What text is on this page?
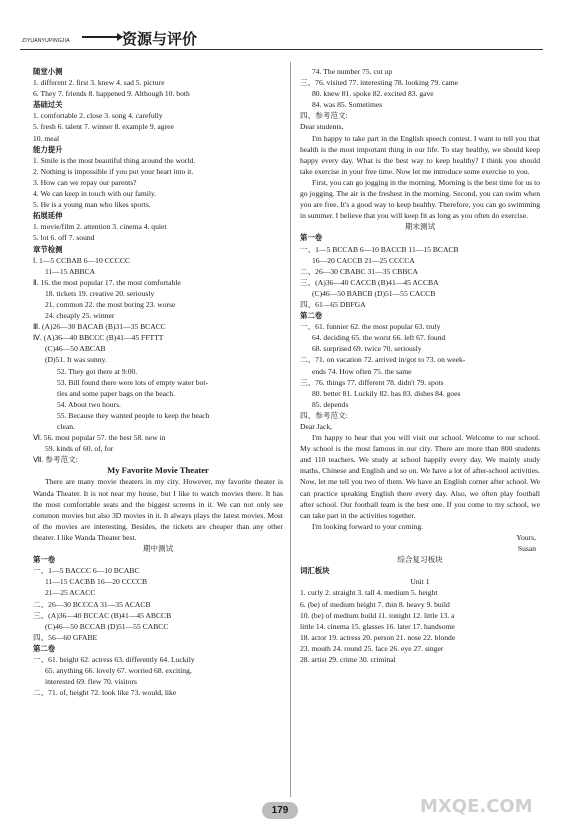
ZIYUANYUPINGJIA	资源与评价
随堂小测
1. different 2. first 3. knew 4. sad 5. picture
6. They 7. friends 8. happened 9. Although 10. both
基础过关
1. comfortable 2. close 3. song 4. carefully
5. fresh 6. talent 7. winner 8. example 9. agree
10. meal
能力提升
1. Smile is the most beautiful thing around the world.
2. Nothing is impossible if you put your heart into it.
3. How can we repay our parents?
4. We can keep in touch with our family.
5. He is a young man who likes sports.
拓展延伸
1. movie/film 2. attention 3. cinema 4. quiet
5. lot 6. off 7. sound
章节检测
Ⅰ. 1—5 CCBAB 6—10 CCCCC
11—15 ABBCA
Ⅱ. 16. the most popular 17. the most comfortable
18. tickets 19. creative 20. seriously
21. common 22. the most boring 23. worse
24. cheaply 25. winner
Ⅲ. (A)26—30 BACAB (B)31—35 BCACC
Ⅳ. (A)36—40 BBCCC (B)41—45 FFTTT
(C)46—50 ABCAB
(D)51. It was sunny.
52. They got there at 9:00.
53. Bill found there were lots of empty water bot-
tles and some paper bags on the beach.
54. About two hours.
55. Because they wanted people to keep the beach
clean.
Ⅵ. 56. most popular 57. the best 58. new in
59. kinds of 60. of, for
Ⅶ. 参考范文:
My Favorite Movie Theater
There are many movie theaters in my city. However, my favorite theater is Wanda Theater. It is not near my house, but I like to watch movies there. It has the most comfortable seats and the biggest screens in it. We can not only see common movies but also 3D movies in it. It always plays the latest movies. Most of the movies are interesting. Besides, the tickets are cheaper than any other theater. I like Wanda Theater best.
期中测试
第一卷
一、1—5 BACCC 6—10 BCABC
11—15 CACBB 16—20 CCCCB
21—25 ACACC
二、26—30 BCCCA 31—35 ACACB
三、(A)36—40 BCCAC (B)41—45 ABCCB
(C)46—50 BCCAB (D)51—55 CABCC
四、56—60 GFABE
第二卷
一、61. height 62. actress 63. differently 64. Luckily
65. anything 66. lovely 67. worried 68. exciting,
interested 69. flew 70. visitors
二、71. of, height 72. look like 73. would, like
74. The number 75. cut up
三、76. visited 77. interesting 78. looking 79. came
80. knew 81. spoke 82. excited 83. gave
84. was 85. Sometimes
四、参考范文:
Dear students,
I'm happy to take part in the English speech contest. I want to tell you that health is the most important thing in our life. To stay healthy, we should keep happy every day. What is the best way to keep healthy? I think you should take exercise in your free time. Now let me introduce some exercise to you.
First, you can go jogging in the morning. Morning is the best time for us to go jogging. The air is the freshest in the morning. Second, you can swim when you are free. It's a good way to keep healthy. Therefore, you can go swimming in summer. I believe that you will keep fit as long as you often do exercise.
期末测试
第一卷
一、1—5 BCCAB 6—10 BACCB 11—15 BCACB
16—20 CACCB 21—25 CCCCA
二、26—30 CBABC 31—35 CBBCA
三、(A)36—40 CACCB (B)41—45 ACCBA
(C)46—50 BABCB (D)51—55 CACCB
四、61—65 DBFGA
第二卷
一、61. funnier 62. the most popular 63. truly
64. deciding 65. the worst 66. left 67. found
68. surprised 69. twice 70. seriously
二、71. on vacation 72. arrived in/got to 73. on week-
ends 74. How often 75. the same
三、76. things 77. different 78. didn't 79. spots
80. better 81. Luckily 82. has 83. dishes 84. goes
85. depends
四、参考范文:
Dear Jack,
I'm happy to hear that you will visit our school. Welcome to our school. My school is the most famous in our city. There are more than 800 students and 110 teachers. We study at school happily every day. We mainly study maths, Chinese and English and so on. We have a lot of after-school activities. Now, let me tell you two of them. We have an English corner after school. We can practice speaking English there every day. Also, we often play football after school. Our football team is the best one. If you come to my school, we can take part in the activities together.
I'm looking forward to your coming.
Yours,
Susan
综合复习板块
词汇板块
Unit 1
1. curly 2. straight 3. tall 4. medium 5. height
6. (be) of medium height 7. thin 8. heavy 9. build
10. (be) of medium build 11. tonight 12. little 13. a
little 14. cinema 15. glasses 16. later 17. handsome
18. actor 19. actress 20. person 21. nose 22. blonde
23. mouth 24. round 25. face 26. eye 27. singer
28. artist 29. crime 30. criminal
179	MXQE.COM
